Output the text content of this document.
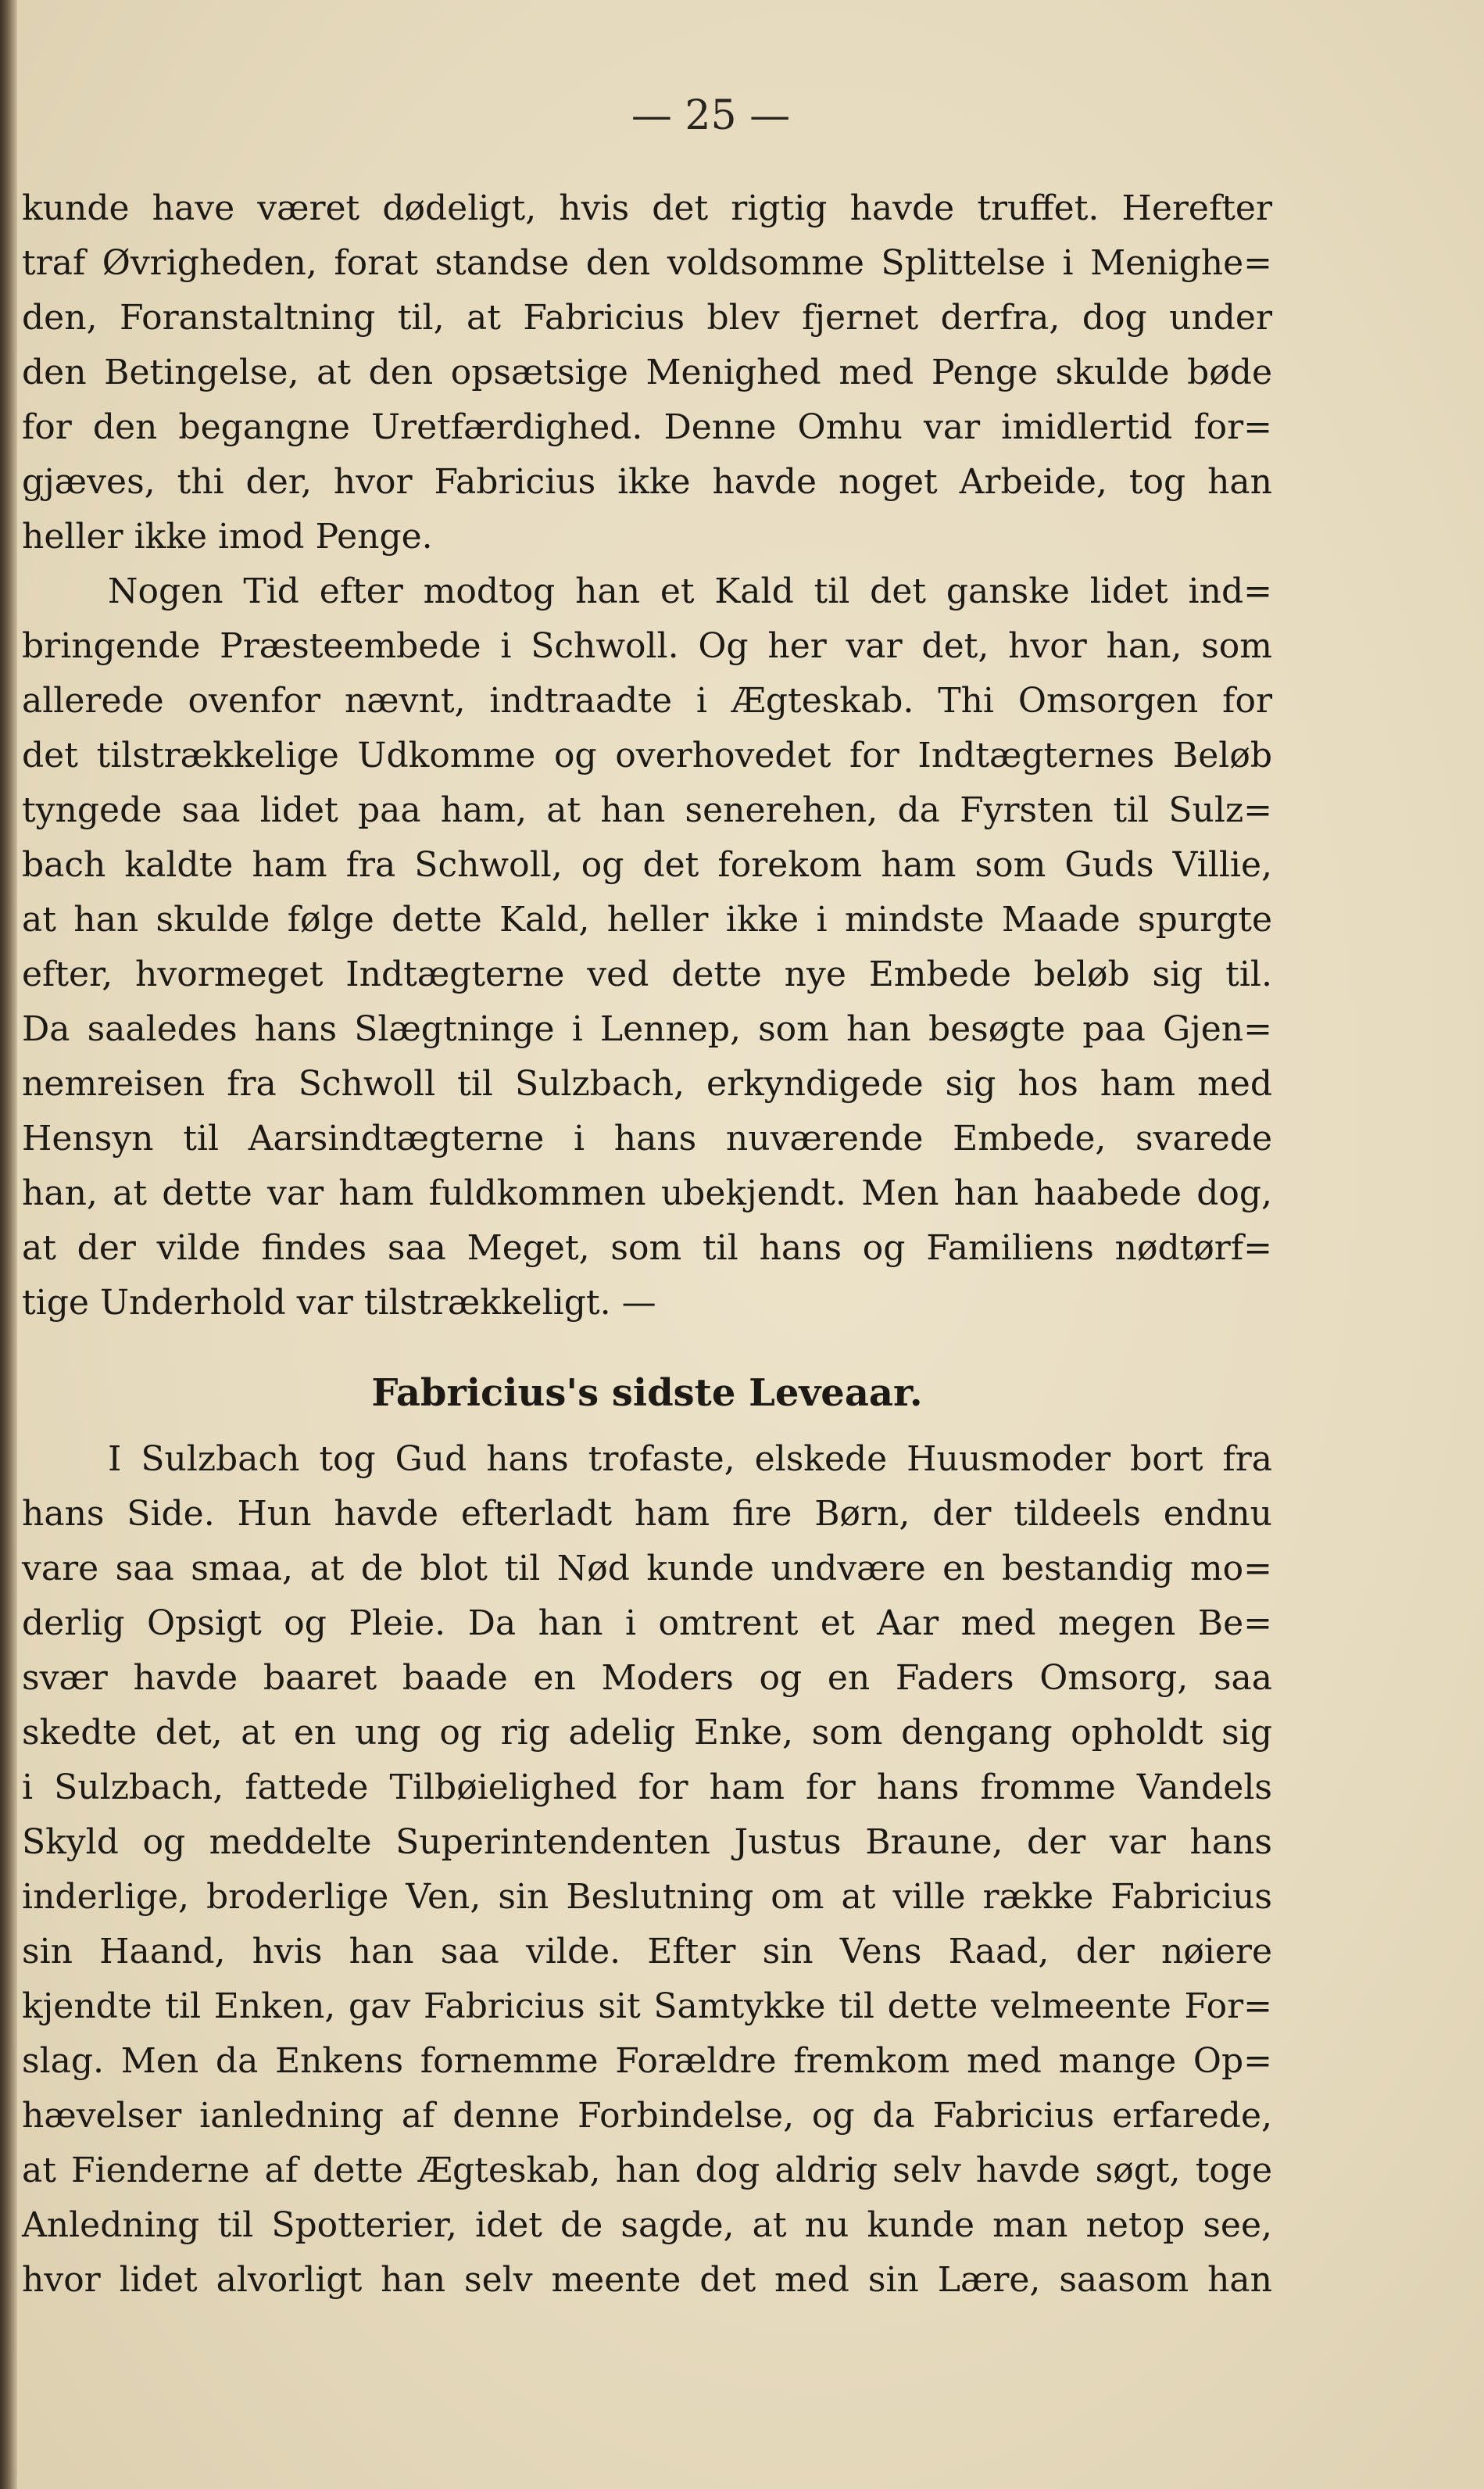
— 25 —
kunde have været dødeligt, hvis det rigtig havde truffet. Herefter
traf Øvrigheden, forat standse den voldsomme Splittelse i Menighe=
den, Foranstaltning til, at Fabricius blev fjernet derfra, dog under
den Betingelse, at den opsætsige Menighed med Penge skulde bøde
for den begangne Uretfærdighed. Denne Omhu var imidlertid for=
gjæves, thi der, hvor Fabricius ikke havde noget Arbeide, tog han
heller ikke imod Penge.
Nogen Tid efter modtog han et Kald til det ganske lidet ind=
bringende Præsteembede i Schwoll. Og her var det, hvor han, som
allerede ovenfor nævnt, indtraadte i Ægteskab. Thi Omsorgen for
det tilstrækkelige Udkomme og overhovedet for Indtægternes Beløb
tyngede saa lidet paa ham, at han senerehen, da Fyrsten til Sulz=
bach kaldte ham fra Schwoll, og det forekom ham som Guds Villie,
at han skulde følge dette Kald, heller ikke i mindste Maade spurgte
efter, hvormeget Indtægterne ved dette nye Embede beløb sig til.
Da saaledes hans Slægtninge i Lennep, som han besøgte paa Gjen=
nemreisen fra Schwoll til Sulzbach, erkyndigede sig hos ham med
Hensyn til Aarsindtægterne i hans nuværende Embede, svarede
han, at dette var ham fuldkommen ubekjendt. Men han haabede dog,
at der vilde findes saa Meget, som til hans og Familiens nødtørf=
tige Underhold var tilstrækkeligt. —
Fabricius's sidste Leveaar.
I Sulzbach tog Gud hans trofaste, elskede Huusmoder bort fra
hans Side. Hun havde efterladt ham fire Børn, der tildeels endnu
vare saa smaa, at de blot til Nød kunde undvære en bestandig mo=
derlig Opsigt og Pleie. Da han i omtrent et Aar med megen Be=
svær havde baaret baade en Moders og en Faders Omsorg, saa
skedte det, at en ung og rig adelig Enke, som dengang opholdt sig
i Sulzbach, fattede Tilbøielighed for ham for hans fromme Vandels
Skyld og meddelte Superintendenten Justus Braune, der var hans
inderlige, broderlige Ven, sin Beslutning om at ville række Fabricius
sin Haand, hvis han saa vilde. Efter sin Vens Raad, der nøiere
kjendte til Enken, gav Fabricius sit Samtykke til dette velmeente For=
slag. Men da Enkens fornemme Forældre fremkom med mange Op=
hævelser ianledning af denne Forbindelse, og da Fabricius erfarede,
at Fienderne af dette Ægteskab, han dog aldrig selv havde søgt, toge
Anledning til Spotterier, idet de sagde, at nu kunde man netop see,
hvor lidet alvorligt han selv meente det med sin Lære, saasom han
